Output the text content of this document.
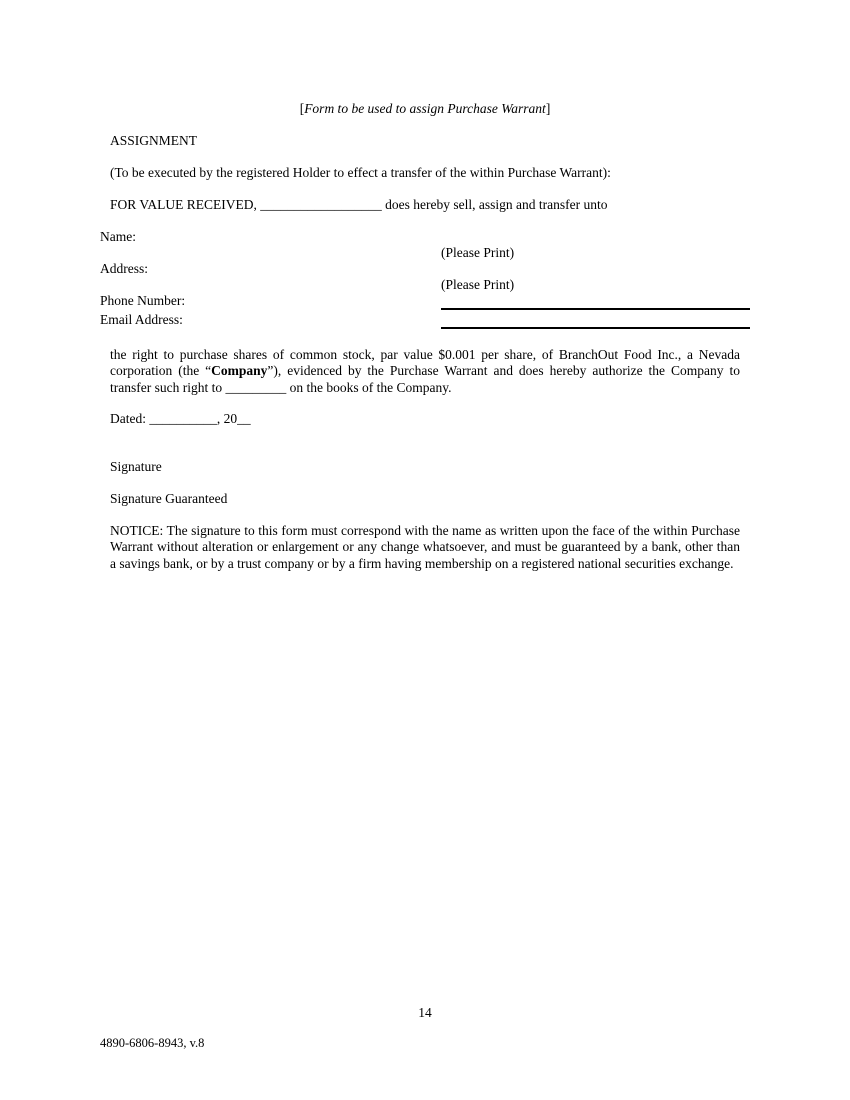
[Form to be used to assign Purchase Warrant]
ASSIGNMENT
(To be executed by the registered Holder to effect a transfer of the within Purchase Warrant):
FOR VALUE RECEIVED, __________________ does hereby sell, assign and transfer unto
Name:
(Please Print)
Address:
(Please Print)
Phone Number:
Email Address:
the right to purchase shares of common stock, par value $0.001 per share, of BranchOut Food Inc., a Nevada corporation (the “Company”), evidenced by the Purchase Warrant and does hereby authorize the Company to transfer such right to _________ on the books of the Company.
Dated: __________, 20__
Signature
Signature Guaranteed
NOTICE: The signature to this form must correspond with the name as written upon the face of the within Purchase Warrant without alteration or enlargement or any change whatsoever, and must be guaranteed by a bank, other than a savings bank, or by a trust company or by a firm having membership on a registered national securities exchange.
14
4890-6806-8943, v.8
